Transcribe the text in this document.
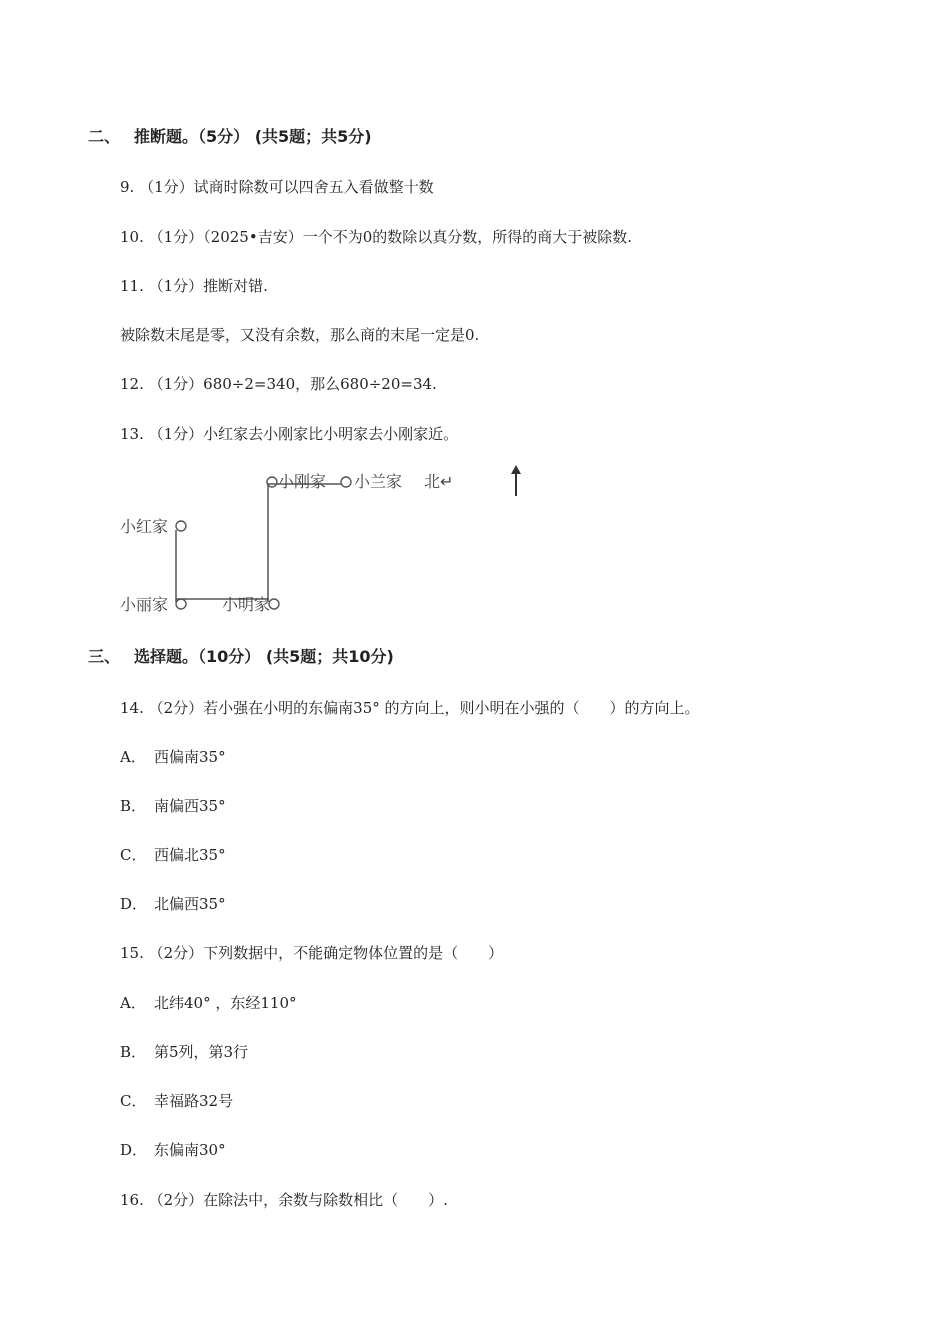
二、 推断题。（5分） (共5题；共5分)
9. （1分）试商时除数可以四舍五入看做整十数
10. （1分）（2025•吉安）一个不为0的数除以真分数，所得的商大于被除数.
11. （1分）推断对错.
被除数末尾是零，又没有余数，那么商的末尾一定是0.
12. （1分）680÷2=340，那么680÷20=34.
13. （1分）小红家去小刚家比小明家去小刚家近。
小刚家 小兰家 北↵
小红家
小丽家	小明家
三、 选择题。（10分） (共5题；共10分)
14. （2分）若小强在小明的东偏南35° 的方向上，则小明在小强的（　　）的方向上。
A． 西偏南35°
B． 南偏西35°
C． 西偏北35°
D． 北偏西35°
15. （2分）下列数据中，不能确定物体位置的是（　　）
A． 北纬40° ，东经110°
B． 第5列，第3行
C． 幸福路32号
D． 东偏南30°
16. （2分）在除法中，余数与除数相比（　　）.
